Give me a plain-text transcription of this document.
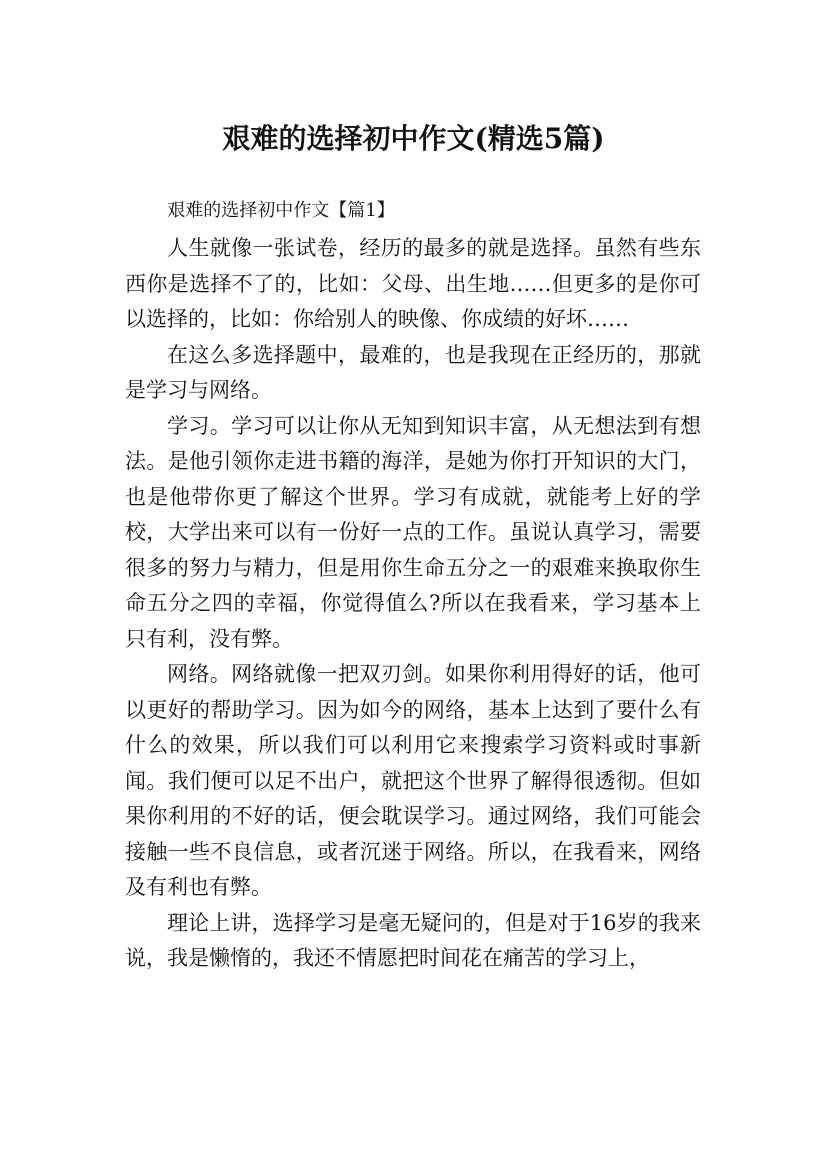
艰难的选择初中作文(精选5篇)

艰难的选择初中作文【篇1】

人生就像一张试卷，经历的最多的就是选择。虽然有些东西你是选择不了的，比如：父母、出生地……但更多的是你可以选择的，比如：你给别人的映像、你成绩的好坏……

在这么多选择题中，最难的，也是我现在正经历的，那就是学习与网络。

学习。学习可以让你从无知到知识丰富，从无想法到有想法。是他引领你走进书籍的海洋，是她为你打开知识的大门，也是他带你更了解这个世界。学习有成就，就能考上好的学校，大学出来可以有一份好一点的工作。虽说认真学习，需要很多的努力与精力，但是用你生命五分之一的艰难来换取你生命五分之四的幸福，你觉得值么?所以在我看来，学习基本上只有利，没有弊。

网络。网络就像一把双刃剑。如果你利用得好的话，他可以更好的帮助学习。因为如今的网络，基本上达到了要什么有什么的效果，所以我们可以利用它来搜索学习资料或时事新闻。我们便可以足不出户，就把这个世界了解得很透彻。但如果你利用的不好的话，便会耽误学习。通过网络，我们可能会接触一些不良信息，或者沉迷于网络。所以，在我看来，网络及有利也有弊。

理论上讲，选择学习是毫无疑问的，但是对于16岁的我来说，我是懒惰的，我还不情愿把时间花在痛苦的学习上，
